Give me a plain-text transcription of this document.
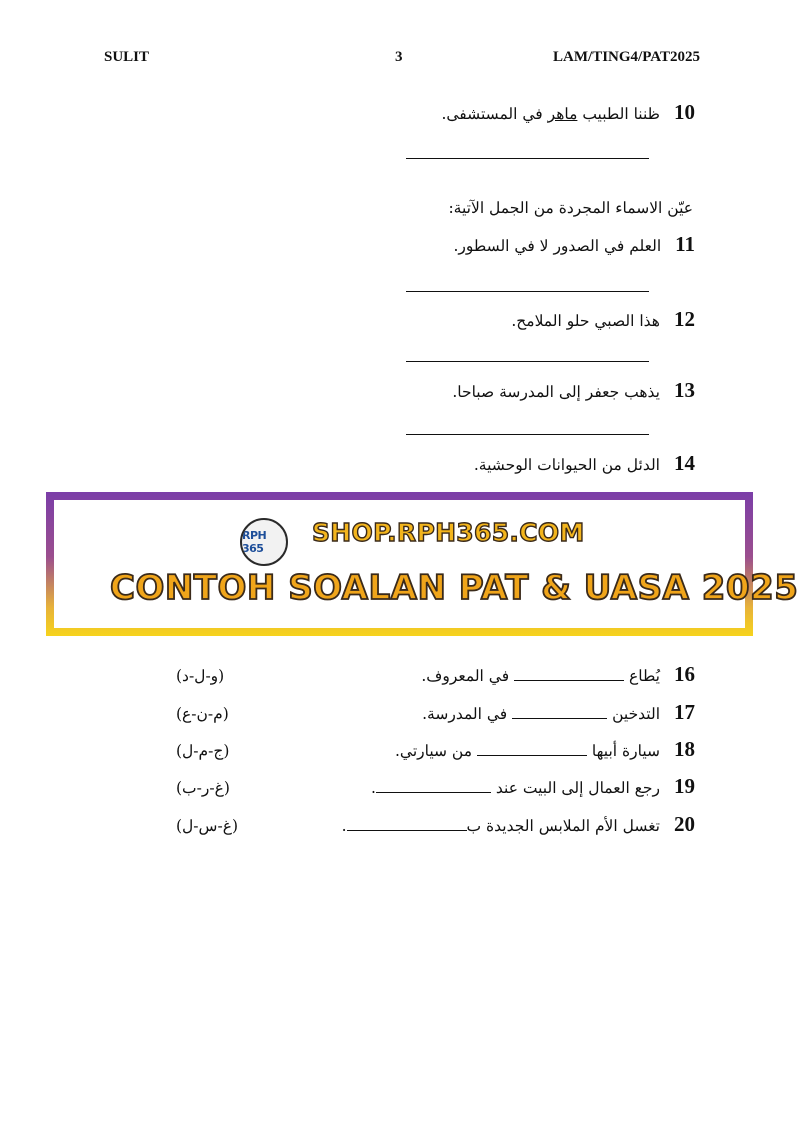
SULIT	3	LAM/TING4/PAT2025
10
ظننا الطبيب ماهر في المستشفى.
عيّن الاسماء المجردة من الجمل الآتية:
11
العلم في الصدور لا في السطور.
12
هذا الصبي حلو الملامح.
13
يذهب جعفر إلى المدرسة صباحا.
14
الدئل من الحيوانات الوحشية.
RPH 365
SHOP.RPH365.COM
CONTOH SOALAN PAT & UASA 2025
16
يُطاع  في المعروف.
(و-ل-د)
17
التدخين  في المدرسة.
(م-ن-ع)
18
سيارة أبيها  من سيارتي.
(ج-م-ل)
19
رجع العمال إلى البيت عند .
(غ-ر-ب)
20
تغسل الأم الملابس الجديدة ب.
(غ-س-ل)
